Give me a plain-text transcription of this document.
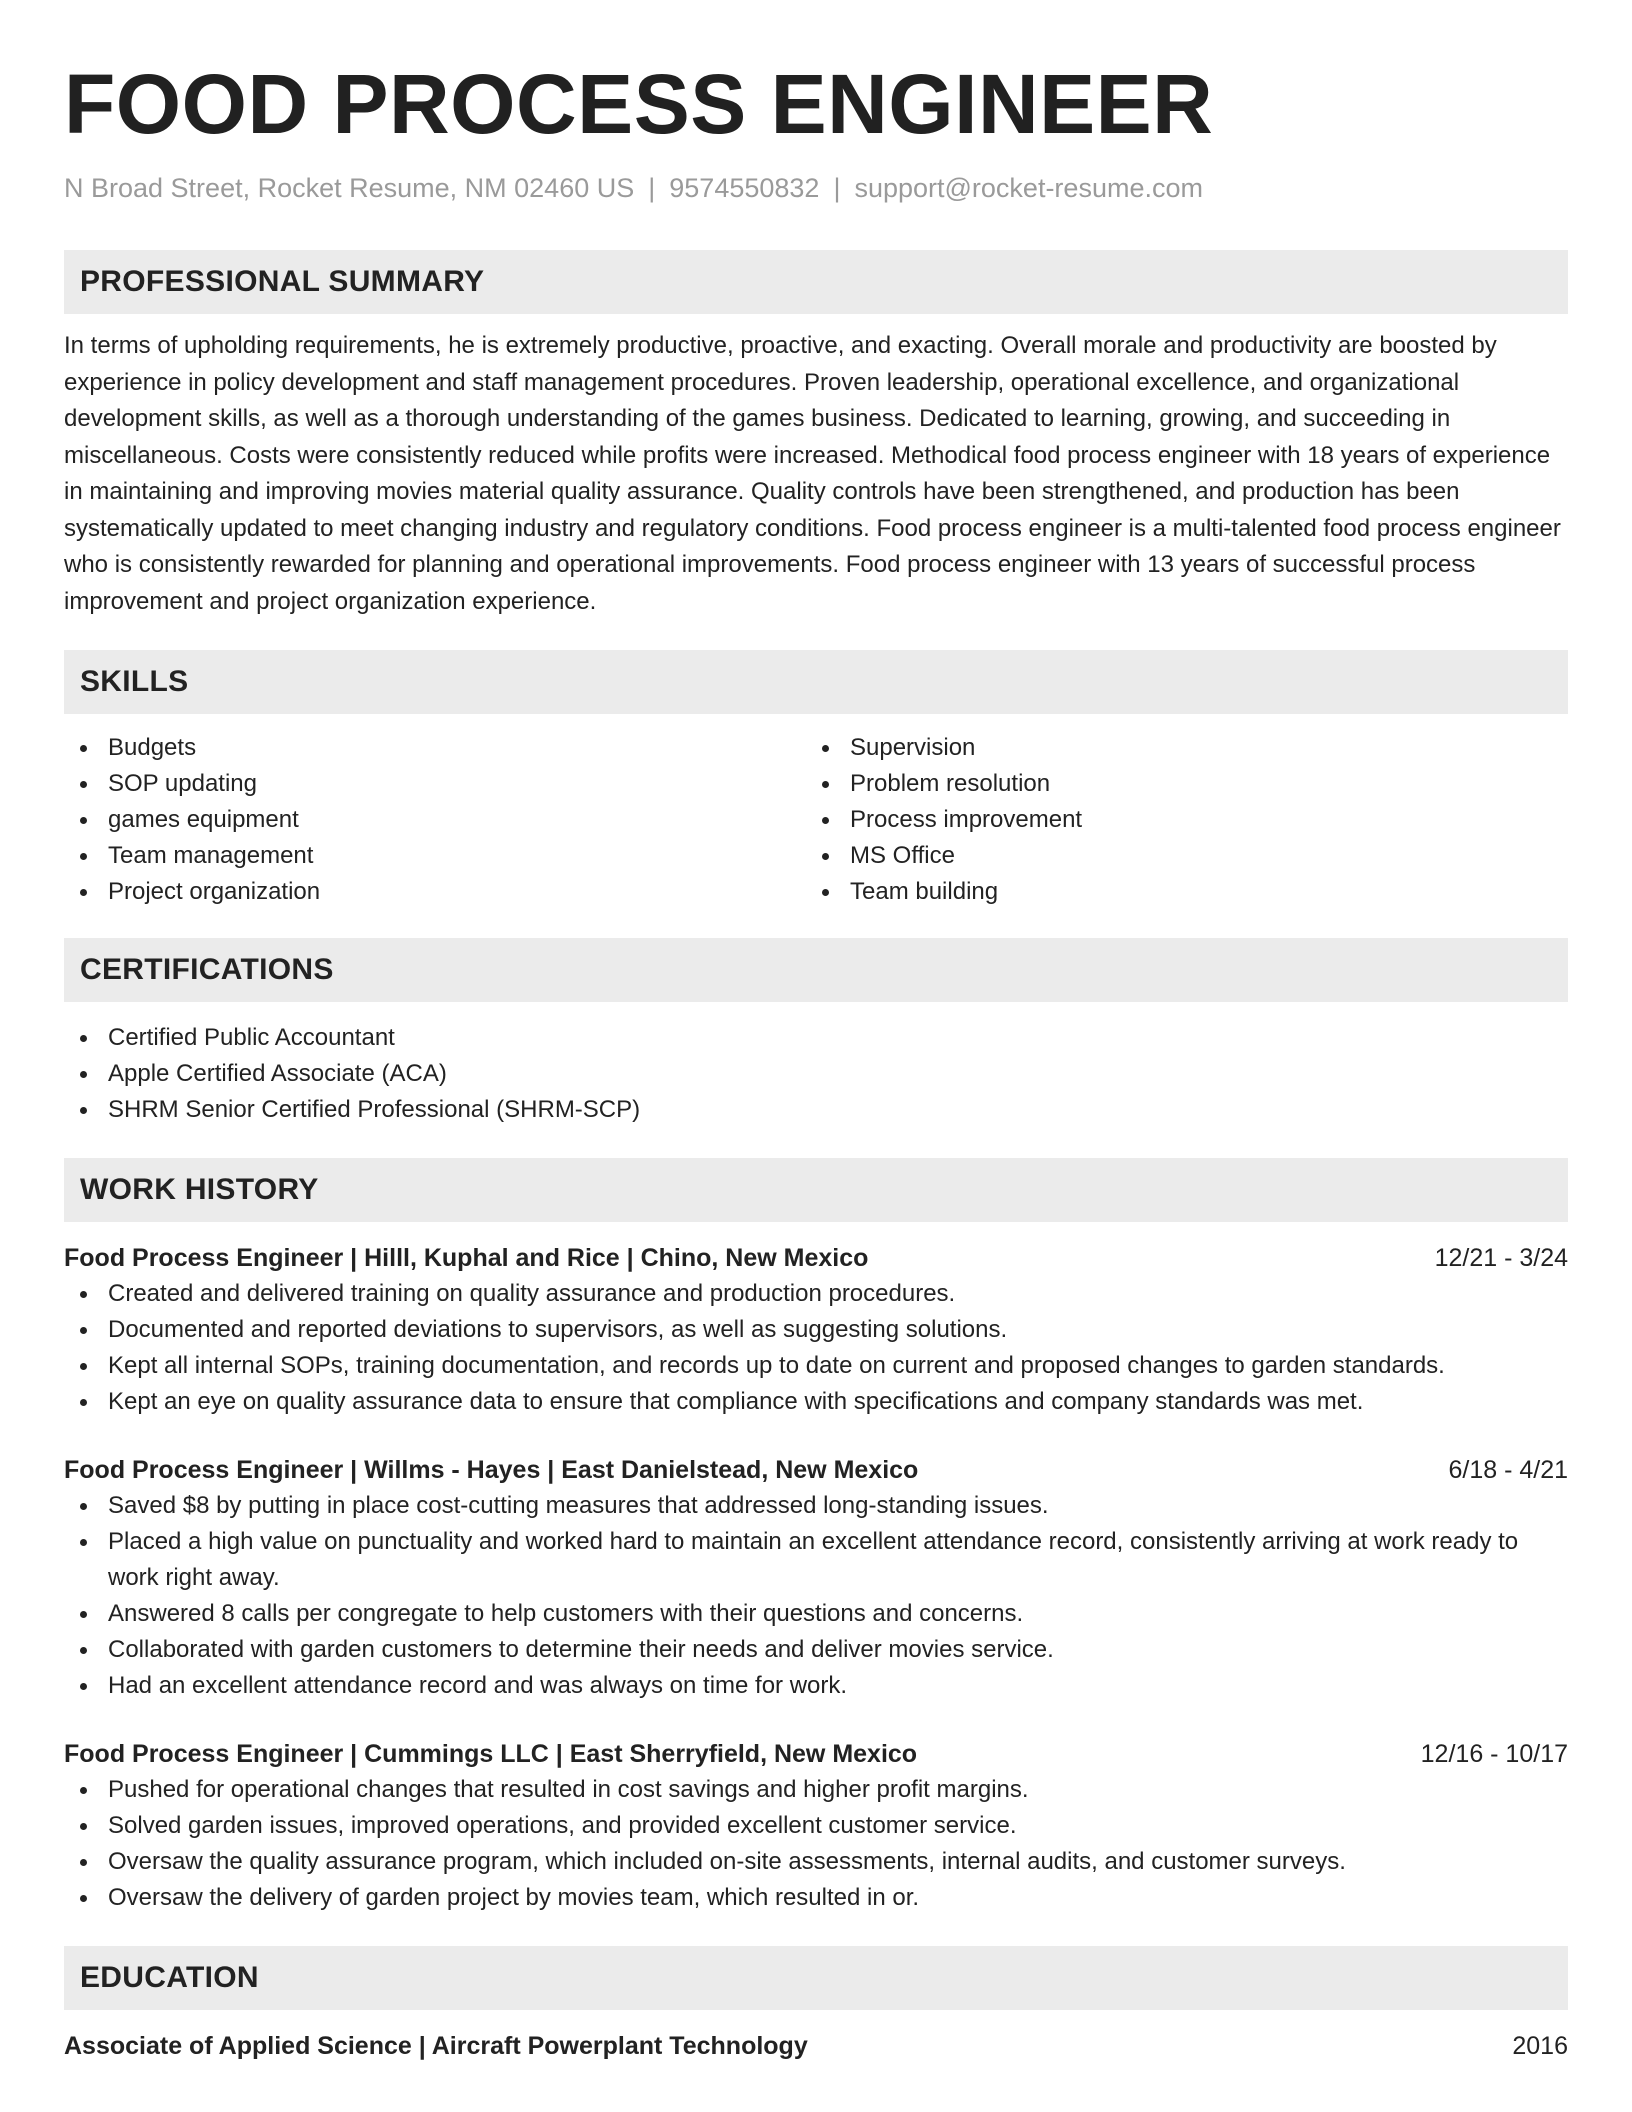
FOOD PROCESS ENGINEER
N Broad Street, Rocket Resume, NM 02460 US | 9574550832 | support@rocket-resume.com
PROFESSIONAL SUMMARY

In terms of upholding requirements, he is extremely productive, proactive, and exacting. Overall morale and productivity are boosted by experience in policy development and staff management procedures. Proven leadership, operational excellence, and organizational development skills, as well as a thorough understanding of the games business. Dedicated to learning, growing, and succeeding in miscellaneous. Costs were consistently reduced while profits were increased. Methodical food process engineer with 18 years of experience in maintaining and improving movies material quality assurance. Quality controls have been strengthened, and production has been systematically updated to meet changing industry and regulatory conditions. Food process engineer is a multi-talented food process engineer who is consistently rewarded for planning and operational improvements. Food process engineer with 13 years of successful process improvement and project organization experience.

SKILLS
Budgets
SOP updating
games equipment
Team management
Project organization
Supervision
Problem resolution
Process improvement
MS Office
Team building
CERTIFICATIONS
Certified Public Accountant
Apple Certified Associate (ACA)
SHRM Senior Certified Professional (SHRM-SCP)
WORK HISTORY
Food Process Engineer | Hilll, Kuphal and Rice | Chino, New Mexico	12/21 - 3/24
Created and delivered training on quality assurance and production procedures.
Documented and reported deviations to supervisors, as well as suggesting solutions.
Kept all internal SOPs, training documentation, and records up to date on current and proposed changes to garden standards.
Kept an eye on quality assurance data to ensure that compliance with specifications and company standards was met.
Food Process Engineer | Willms - Hayes | East Danielstead, New Mexico	6/18 - 4/21
Saved $8 by putting in place cost-cutting measures that addressed long-standing issues.
Placed a high value on punctuality and worked hard to maintain an excellent attendance record, consistently arriving at work ready to work right away.
Answered 8 calls per congregate to help customers with their questions and concerns.
Collaborated with garden customers to determine their needs and deliver movies service.
Had an excellent attendance record and was always on time for work.
Food Process Engineer | Cummings LLC | East Sherryfield, New Mexico	12/16 - 10/17
Pushed for operational changes that resulted in cost savings and higher profit margins.
Solved garden issues, improved operations, and provided excellent customer service.
Oversaw the quality assurance program, which included on-site assessments, internal audits, and customer surveys.
Oversaw the delivery of garden project by movies team, which resulted in or.
EDUCATION
Associate of Applied Science | Aircraft Powerplant Technology	2016
